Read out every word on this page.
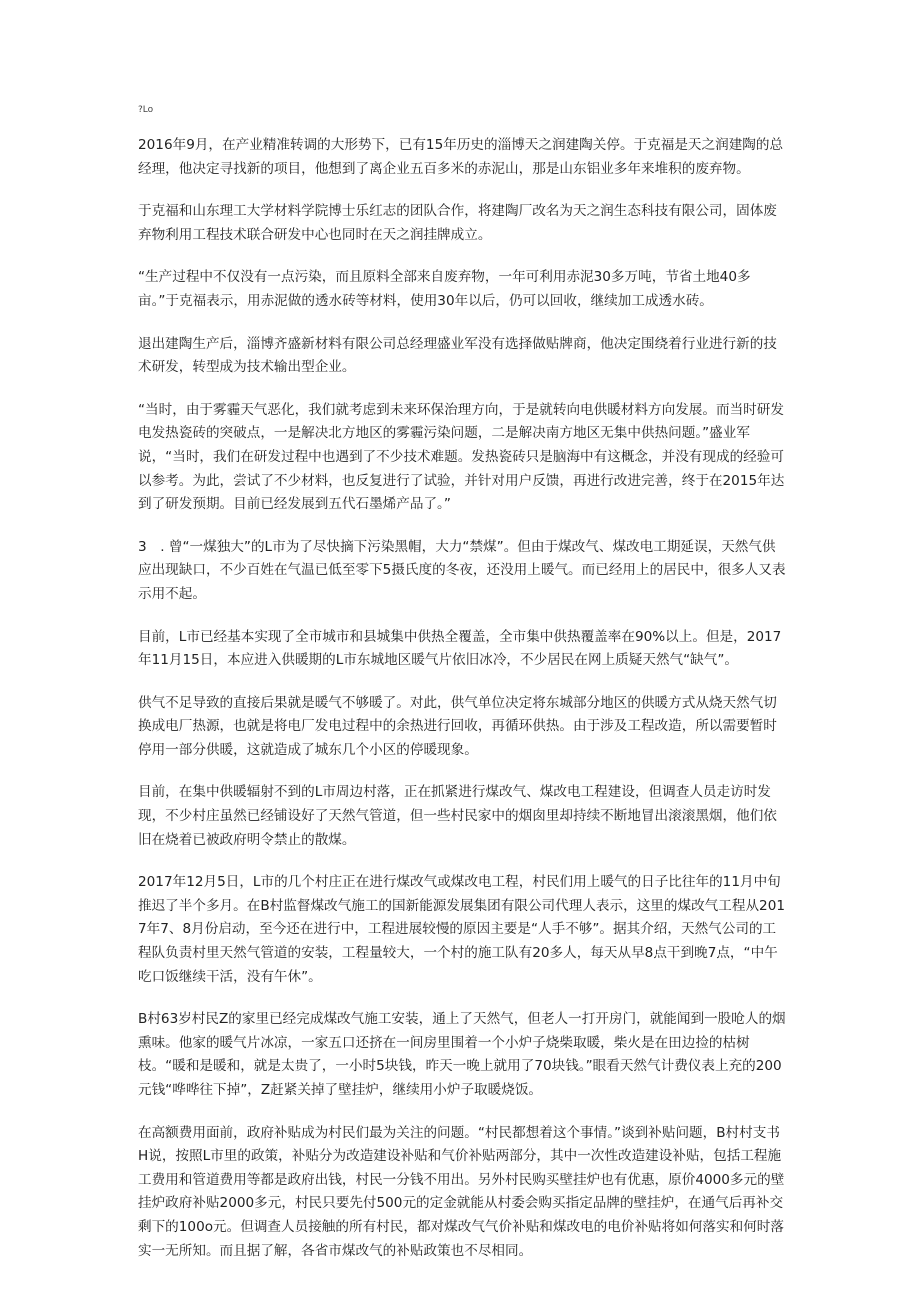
?Lo

2016年9月，在产业精准转调的大形势下，已有15年历史的淄博天之润建陶关停。于克福是天之润建陶的总经理，他决定寻找新的项目，他想到了离企业五百多米的赤泥山，那是山东铝业多年来堆积的废弃物。

于克福和山东理工大学材料学院博士乐红志的团队合作，将建陶厂改名为天之润生态科技有限公司，固体废弃物利用工程技术联合研发中心也同时在天之润挂牌成立。

“生产过程中不仅没有一点污染，而且原料全部来自废弃物，一年可利用赤泥30多万吨，节省土地40多亩。”于克福表示，用赤泥做的透水砖等材料，使用30年以后，仍可以回收，继续加工成透水砖。

退出建陶生产后，淄博齐盛新材料有限公司总经理盛业军没有选择做贴牌商，他决定围绕着行业进行新的技术研发，转型成为技术输出型企业。

“当时，由于雾霾天气恶化，我们就考虑到未来环保治理方向，于是就转向电供暖材料方向发展。而当时研发电发热瓷砖的突破点，一是解决北方地区的雾霾污染问题，二是解决南方地区无集中供热问题。”盛业军说，“当时，我们在研发过程中也遇到了不少技术难题。发热瓷砖只是脑海中有这概念，并没有现成的经验可以参考。为此，尝试了不少材料，也反复进行了试验，并针对用户反馈，再进行改进完善，终于在2015年达到了研发预期。目前已经发展到五代石墨烯产品了。”

3　. 曾“一煤独大”的L市为了尽快摘下污染黑帽，大力“禁煤”。但由于煤改气、煤改电工期延误，天然气供应出现缺口，不少百姓在气温已低至零下5摄氏度的冬夜，还没用上暖气。而已经用上的居民中，很多人又表示用不起。

目前，L市已经基本实现了全市城市和县城集中供热全覆盖，全市集中供热覆盖率在90%以上。但是，2017年11月15日，本应进入供暖期的L市东城地区暖气片依旧冰冷，不少居民在网上质疑天然气“缺气”。

供气不足导致的直接后果就是暖气不够暖了。对此，供气单位决定将东城部分地区的供暖方式从烧天然气切换成电厂热源，也就是将电厂发电过程中的余热进行回收，再循环供热。由于涉及工程改造，所以需要暂时停用一部分供暖，这就造成了城东几个小区的停暖现象。

目前，在集中供暖辐射不到的L市周边村落，正在抓紧进行煤改气、煤改电工程建设，但调查人员走访时发现，不少村庄虽然已经铺设好了天然气管道，但一些村民家中的烟囱里却持续不断地冒出滚滚黑烟，他们依旧在烧着已被政府明令禁止的散煤。

2017年12月5日，L市的几个村庄正在进行煤改气或煤改电工程，村民们用上暖气的日子比往年的11月中旬推迟了半个多月。在B村监督煤改气施工的国新能源发展集团有限公司代理人表示，这里的煤改气工程从2017年7、8月份启动，至今还在进行中，工程进展较慢的原因主要是“人手不够”。据其介绍，天然气公司的工程队负责村里天然气管道的安装，工程量较大，一个村的施工队有20多人，每天从早8点干到晚7点，“中午吃口饭继续干活，没有午休”。

B村63岁村民Z的家里已经完成煤改气施工安装，通上了天然气，但老人一打开房门，就能闻到一股呛人的烟熏味。他家的暖气片冰凉，一家五口还挤在一间房里围着一个小炉子烧柴取暖，柴火是在田边捡的枯树枝。“暖和是暖和，就是太贵了，一小时5块钱，昨天一晚上就用了70块钱。”眼看天然气计费仪表上充的200元钱“哗哗往下掉”，Z赶紧关掉了壁挂炉，继续用小炉子取暖烧饭。

在高额费用面前，政府补贴成为村民们最为关注的问题。“村民都想着这个事情。”谈到补贴问题，B村村支书H说，按照L市里的政策，补贴分为改造建设补贴和气价补贴两部分，其中一次性改造建设补贴，包括工程施工费用和管道费用等都是政府出钱，村民一分钱不用出。另外村民购买壁挂炉也有优惠，原价4000多元的壁挂炉政府补贴2000多元，村民只要先付500元的定金就能从村委会购买指定品牌的壁挂炉，在通气后再补交剩下的100o元。但调查人员接触的所有村民，都对煤改气气价补贴和煤改电的电价补贴将如何落实和何时落实一无所知。而且据了解，各省市煤改气的补贴政策也不尽相同。
